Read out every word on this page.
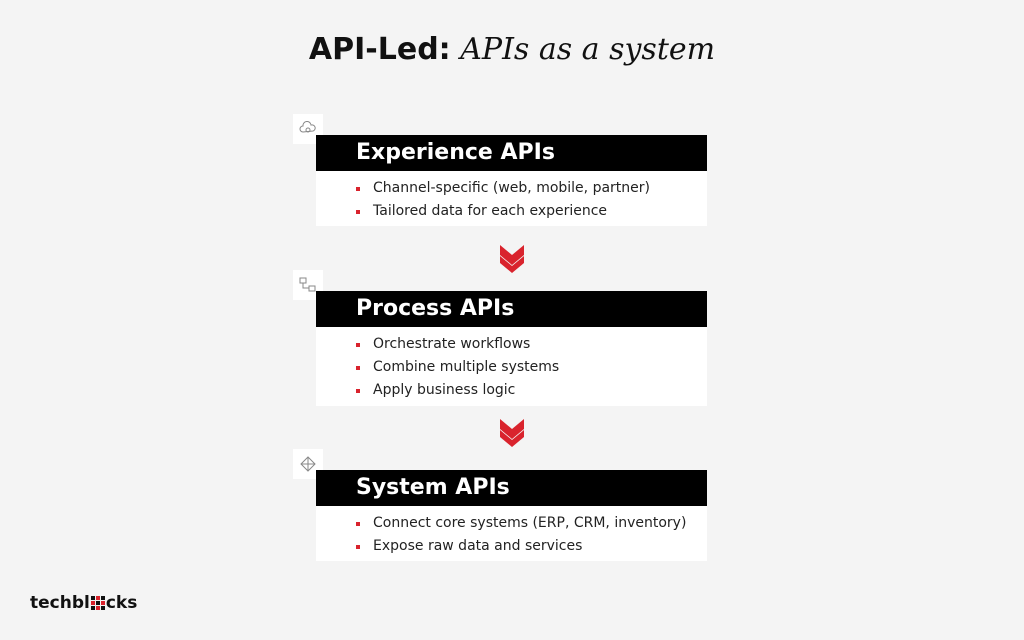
API-Led: APIs as a system
Experience APIs
Channel-specific (web, mobile, partner)
Tailored data for each experience
Process APIs
Orchestrate workflows
Combine multiple systems
Apply business logic
System APIs
Connect core systems (ERP, CRM, inventory)
Expose raw data and services
techbl cks
